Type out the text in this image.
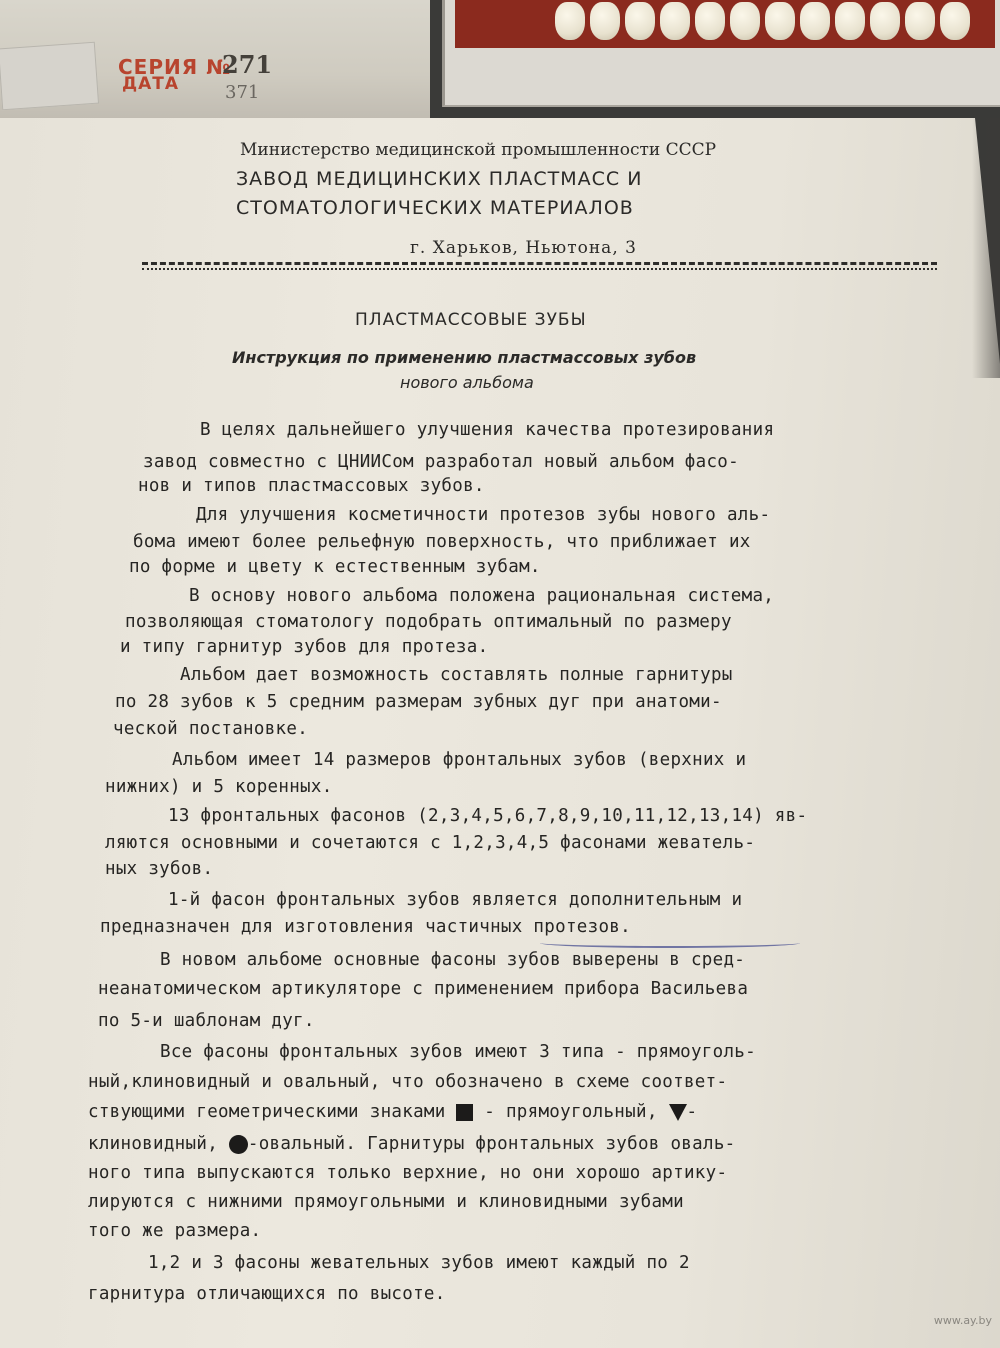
СЕРИЯ №
271
ДАТА	371
Министерство медицинской промышленности СССР
ЗАВОД МЕДИЦИНСКИХ ПЛАСТМАСС И
СТОМАТОЛОГИЧЕСКИХ МАТЕРИАЛОВ
г. Харьков, Ньютона, 3
ПЛАСТМАССОВЫЕ ЗУБЫ
Инструкция по применению пластмассовых зубов
нового альбома
В целях дальнейшего улучшения качества протезирования
завод совместно с ЦНИИСом разработал новый альбом фасо-
нов и типов пластмассовых зубов.
Для улучшения косметичности протезов зубы нового аль-
бома имеют более рельефную поверхность, что приближает их
по форме и цвету к естественным зубам.
В основу нового альбома положена рациональная система,
позволяющая стоматологу подобрать оптимальный по размеру
и типу гарнитур зубов для протеза.
Альбом дает возможность составлять полные гарнитуры
по 28 зубов к 5 средним размерам зубных дуг при анатоми-
ческой постановке.
Альбом имеет 14 размеров фронтальных зубов (верхних и
нижних) и 5 коренных.
13 фронтальных фасонов (2,3,4,5,6,7,8,9,10,11,12,13,14) яв-
ляются основными и сочетаются с 1,2,3,4,5 фасонами жеватель-
ных зубов.
1-й фасон фронтальных зубов является дополнительным и
предназначен для изготовления частичных протезов.
В новом альбоме основные фасоны зубов выверены в сред-
неанатомическом артикуляторе с применением прибора Васильева
по 5-и шаблонам дуг.
Все фасоны фронтальных зубов имеют 3 типа - прямоуголь-
ный,клиновидный и овальный, что обозначено в схеме соответ-
ствующими геометрическими знаками - прямоугольный, -
клиновидный, -овальный. Гарнитуры фронтальных зубов оваль-
ного типа выпускаются только верхние, но они хорошо артику-
лируются с нижними прямоугольными и клиновидными зубами
того же размера.
1,2 и 3 фасоны жевательных зубов имеют каждый по 2
гарнитура отличающихся по высоте.
www.ay.by
